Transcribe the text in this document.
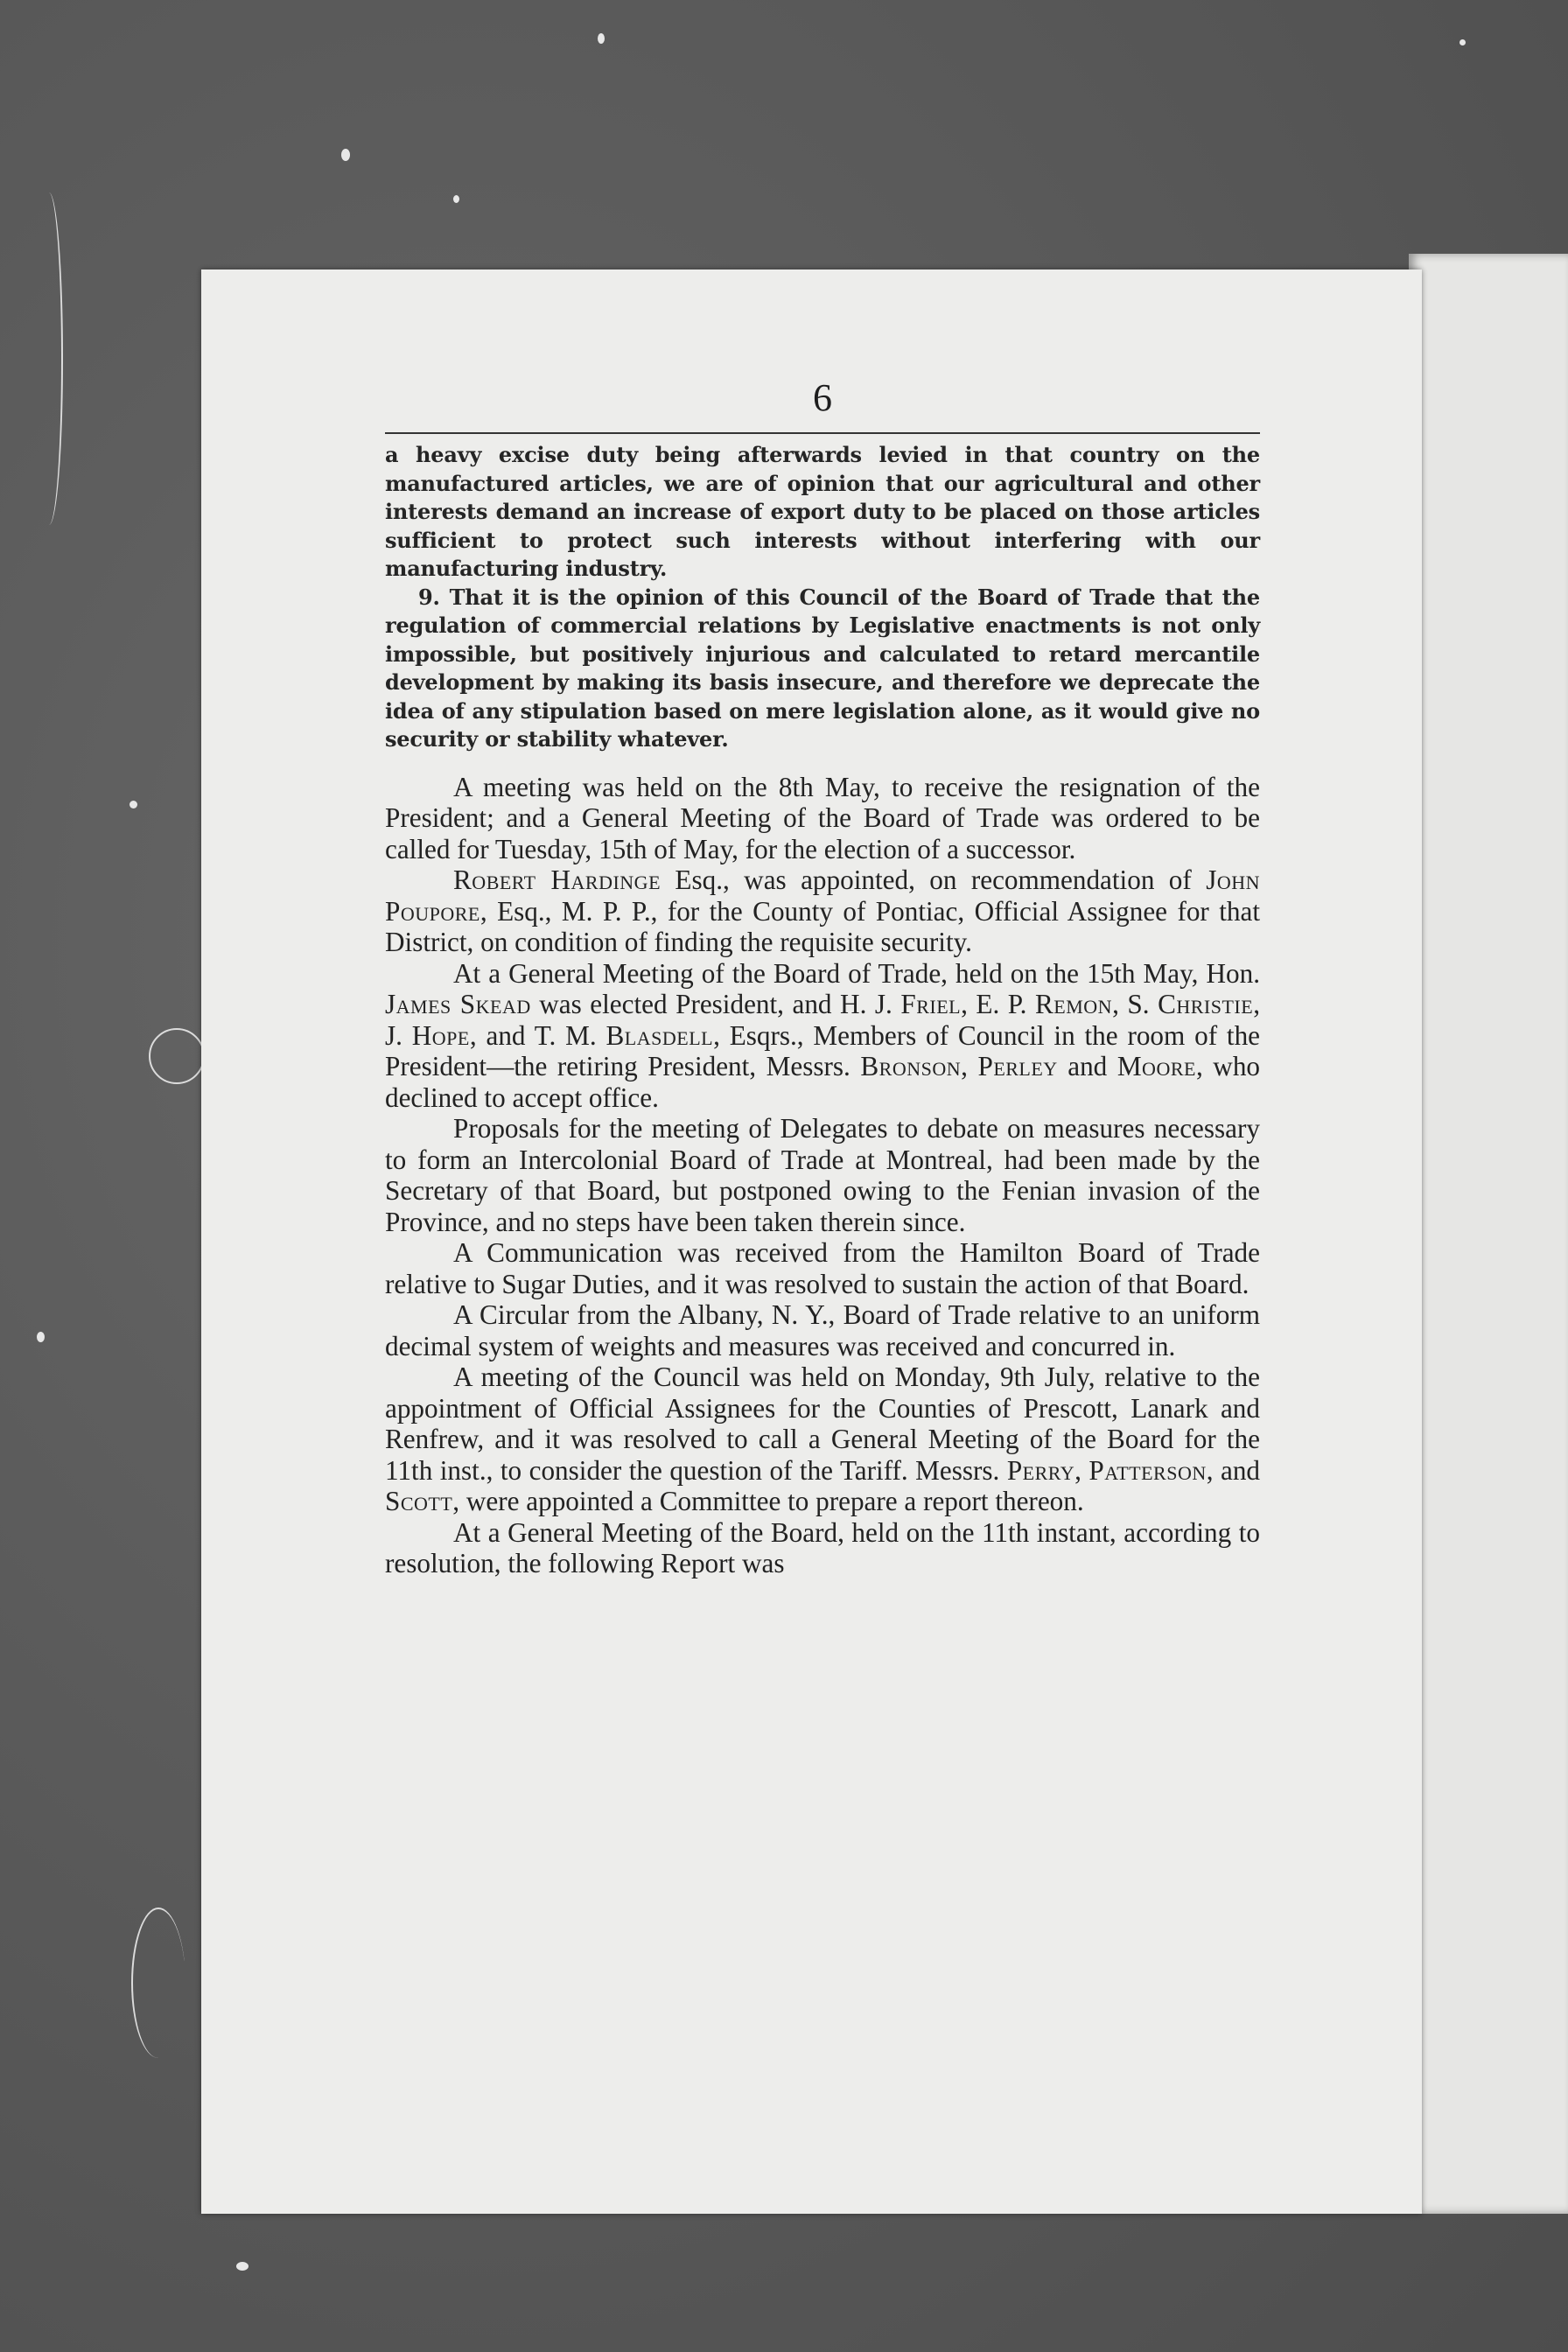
6

a heavy excise duty being afterwards levied in that country on the manufactured articles, we are of opinion that our agricultural and other interests demand an increase of export duty to be placed on those articles sufficient to protect such interests without interfering with our manufacturing industry.

9. That it is the opinion of this Council of the Board of Trade that the regulation of commercial relations by Legislative enactments is not only impossible, but positively injurious and calculated to retard mercantile development by making its basis insecure, and therefore we deprecate the idea of any stipulation based on mere legislation alone, as it would give no security or stability whatever.

A meeting was held on the 8th May, to receive the resignation of the President; and a General Meeting of the Board of Trade was ordered to be called for Tuesday, 15th of May, for the election of a successor.

Robert Hardinge Esq., was appointed, on recommendation of John Poupore, Esq., M. P. P., for the County of Pontiac, Official Assignee for that District, on condition of finding the requisite security.

At a General Meeting of the Board of Trade, held on the 15th May, Hon. James Skead was elected President, and H. J. Friel, E. P. Remon, S. Christie, J. Hope, and T. M. Blasdell, Esqrs., Members of Council in the room of the President—the retiring President, Messrs. Bronson, Perley and Moore, who declined to accept office.

Proposals for the meeting of Delegates to debate on measures necessary to form an Intercolonial Board of Trade at Montreal, had been made by the Secretary of that Board, but postponed owing to the Fenian invasion of the Province, and no steps have been taken therein since.

A Communication was received from the Hamilton Board of Trade relative to Sugar Duties, and it was resolved to sustain the action of that Board.

A Circular from the Albany, N. Y., Board of Trade relative to an uniform decimal system of weights and measures was received and concurred in.

A meeting of the Council was held on Monday, 9th July, relative to the appointment of Official Assignees for the Counties of Prescott, Lanark and Renfrew, and it was resolved to call a General Meeting of the Board for the 11th inst., to consider the question of the Tariff. Messrs. Perry, Patterson, and Scott, were appointed a Committee to prepare a report thereon.

At a General Meeting of the Board, held on the 11th instant, according to resolution, the following Report was
